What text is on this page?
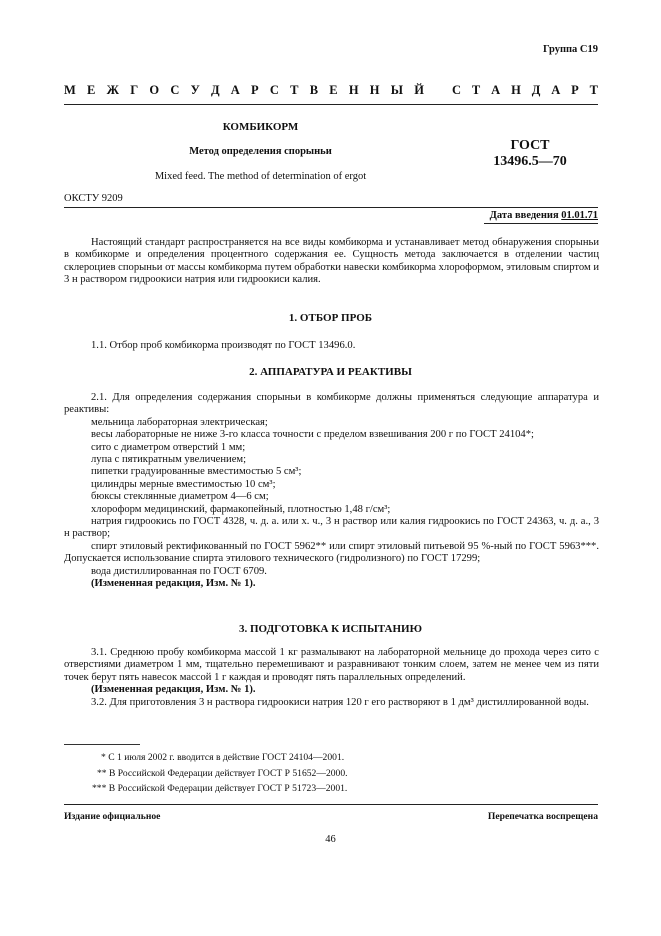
Группа С19
М Е Ж Г О С У Д А Р С Т В Е Н Н Ы Й С Т А Н Д А Р Т
КОМБИКОРМ
Метод определения спорыньи
Mixed feed. The method of determination of ergot
ГОСТ
13496.5—70
ОКСТУ 9209
Дата введения 01.01.71

Настоящий стандарт распространяется на все виды комбикорма и устанавливает метод обнаружения спорыньи в комбикорме и определения процентного содержания ее. Сущность метода заключается в отделении частиц склероциев спорыньи от массы комбикорма путем обработки навески комбикорма хлороформом, этиловым спиртом и 3 н раствором гидроокиси натрия или гидроокиси калия.

1. ОТБОР ПРОБ

1.1. Отбор проб комбикорма производят по ГОСТ 13496.0.

2. АППАРАТУРА И РЕАКТИВЫ

2.1. Для определения содержания спорыньи в комбикорме должны применяться следующие аппаратура и реактивы:

мельница лабораторная электрическая;

весы лабораторные не ниже 3-го класса точности с пределом взвешивания 200 г по ГОСТ 24104*;

сито с диаметром отверстий 1 мм;

лупа с пятикратным увеличением;

пипетки градуированные вместимостью 5 см³;

цилиндры мерные вместимостью 10 см³;

бюксы стеклянные диаметром 4—6 см;

хлороформ медицинский, фармакопейный, плотностью 1,48 г/см³;

натрия гидроокись по ГОСТ 4328, ч. д. а. или х. ч., 3 н раствор или калия гидроокись по ГОСТ 24363, ч. д. а., 3 н раствор;

спирт этиловый ректификованный по ГОСТ 5962** или спирт этиловый питьевой 95 %-ный по ГОСТ 5963***. Допускается использование спирта этилового технического (гидролизного) по ГОСТ 17299;

вода дистиллированная по ГОСТ 6709.

(Измененная редакция, Изм. № 1).

3. ПОДГОТОВКА К ИСПЫТАНИЮ

3.1. Среднюю пробу комбикорма массой 1 кг размалывают на лабораторной мельнице до прохода через сито с отверстиями диаметром 1 мм, тщательно перемешивают и разравнивают тонким слоем, затем не менее чем из пяти точек берут пять навесок массой 1 г каждая и проводят пять параллельных определений.

(Измененная редакция, Изм. № 1).

3.2. Для приготовления 3 н раствора гидроокиси натрия 120 г его растворяют в 1 дм³ дистиллированной воды.

* С 1 июля 2002 г. вводится в действие ГОСТ 24104—2001.
** В Российской Федерации действует ГОСТ Р 51652—2000.
*** В Российской Федерации действует ГОСТ Р 51723—2001.
Издание официальное	Перепечатка воспрещена
46
